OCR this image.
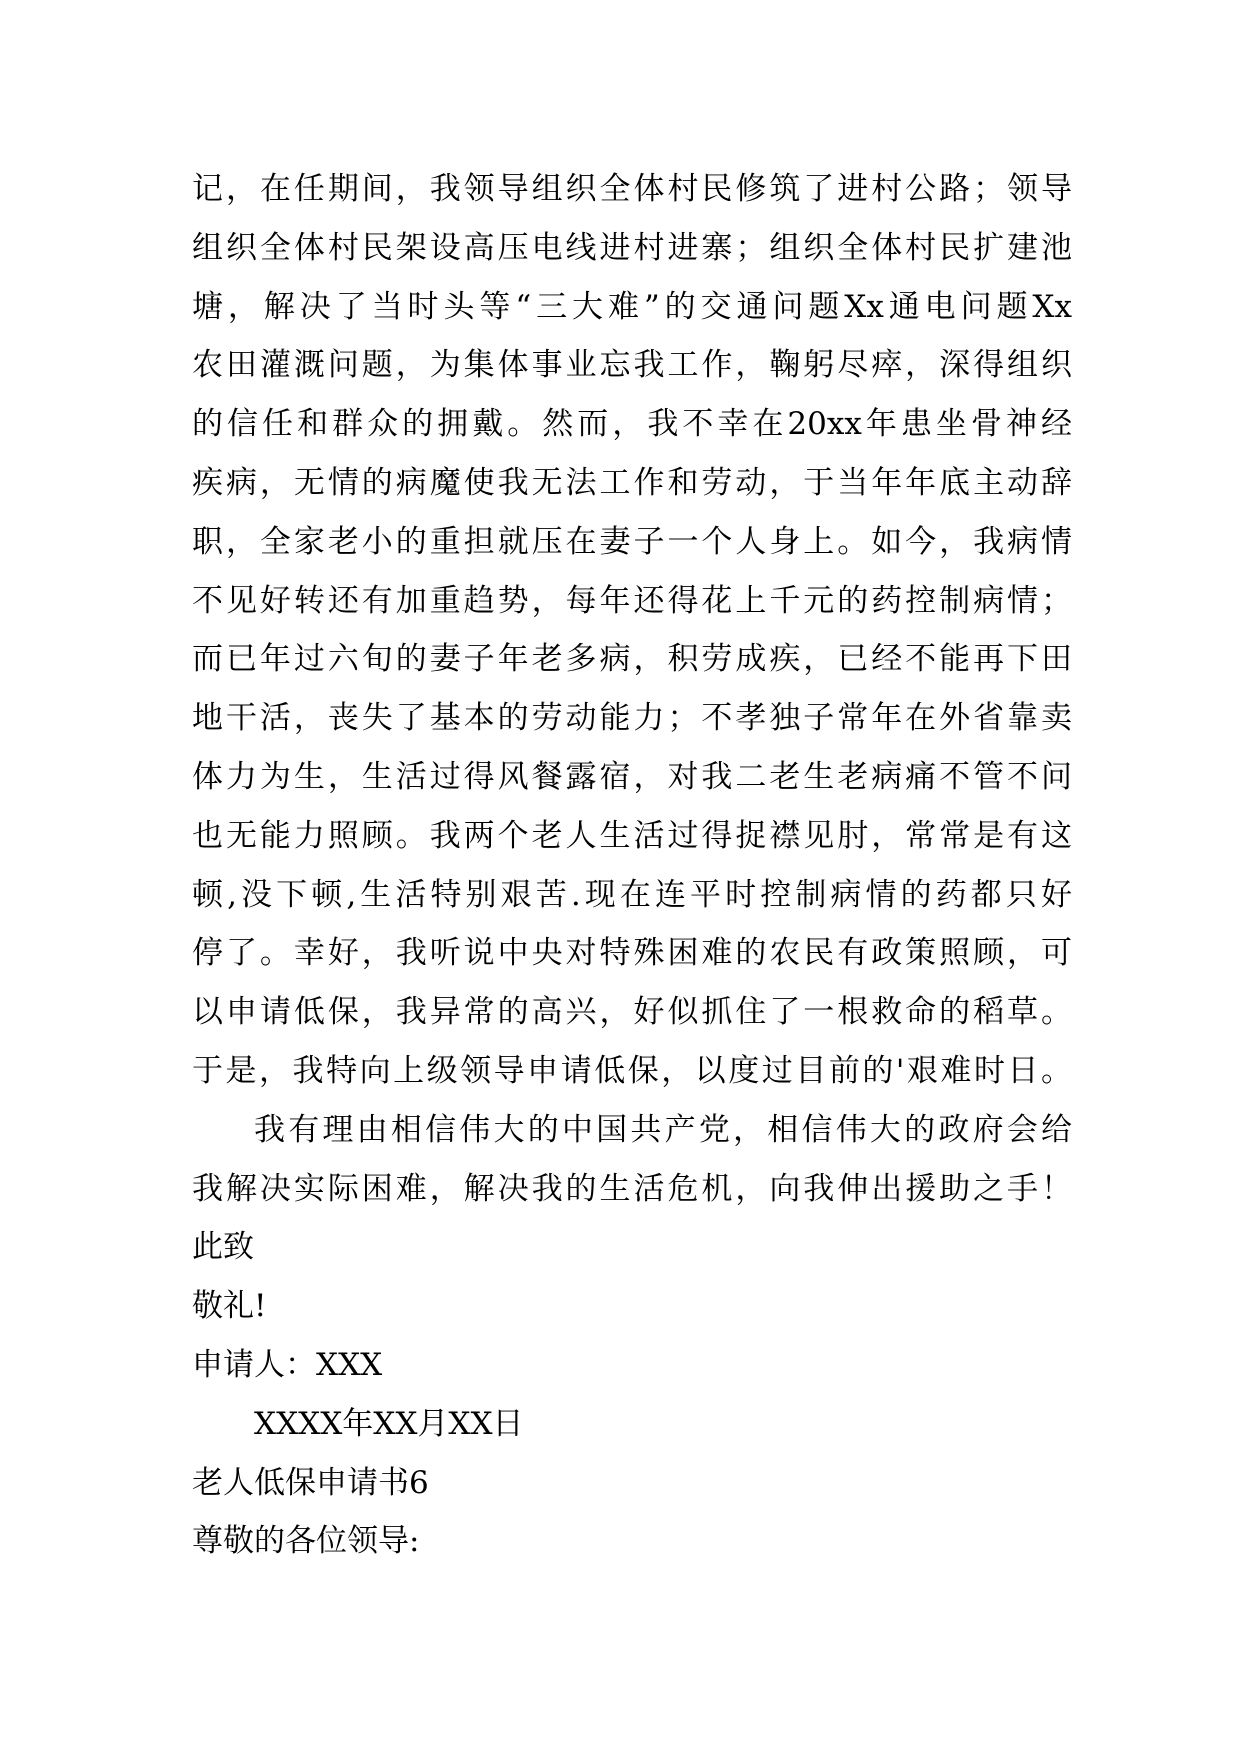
记，在任期间，我领导组织全体村民修筑了进村公路；领导
组织全体村民架设高压电线进村进寨；组织全体村民扩建池
塘，解决了当时头等“三大难”的交通问题Xx通电问题Xx
农田灌溉问题，为集体事业忘我工作，鞠躬尽瘁，深得组织
的信任和群众的拥戴。然而，我不幸在20xx年患坐骨神经
疾病，无情的病魔使我无法工作和劳动，于当年年底主动辞
职，全家老小的重担就压在妻子一个人身上。如今，我病情
不见好转还有加重趋势，每年还得花上千元的药控制病情；
而已年过六旬的妻子年老多病，积劳成疾，已经不能再下田
地干活，丧失了基本的劳动能力；不孝独子常年在外省靠卖
体力为生，生活过得风餐露宿，对我二老生老病痛不管不问
也无能力照顾。我两个老人生活过得捉襟见肘，常常是有这
顿,没下顿,生活特别艰苦.现在连平时控制病情的药都只好
停了。幸好，我听说中央对特殊困难的农民有政策照顾，可
以申请低保，我异常的高兴，好似抓住了一根救命的稻草。
于是，我特向上级领导申请低保，以度过目前的'艰难时日。
我有理由相信伟大的中国共产党，相信伟大的政府会给
我解决实际困难，解决我的生活危机，向我伸出援助之手！
此致
敬礼!
申请人：XXX
XXXX年XX月XX日
老人低保申请书6
尊敬的各位领导:
